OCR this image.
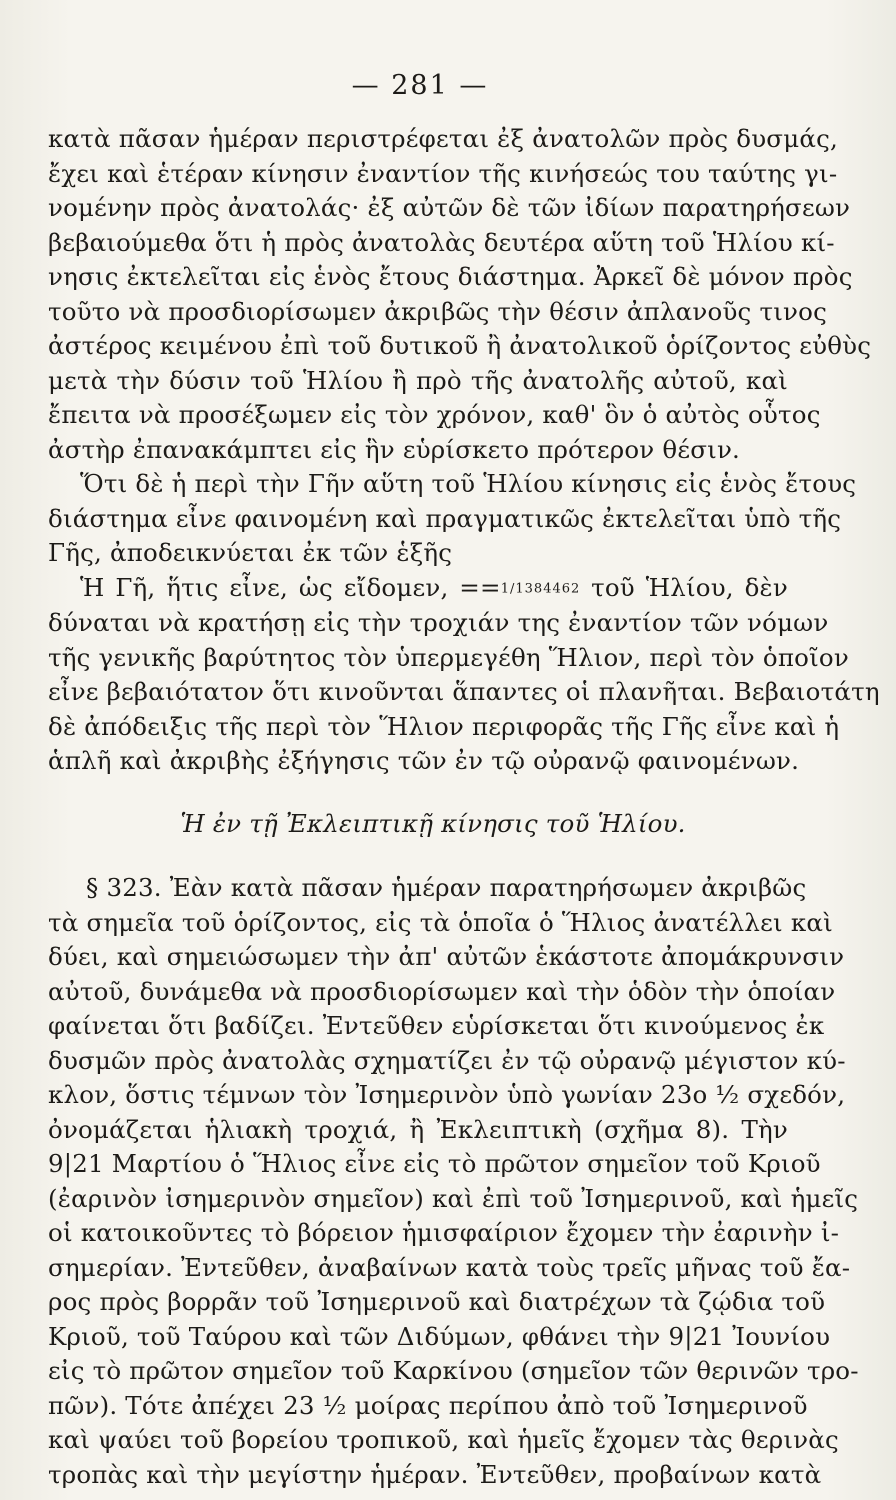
— 281 —
κατὰ πᾶσαν ἡμέραν περιστρέφεται ἐξ ἀνατολῶν πρὸς δυσμάς,
ἔχει καὶ ἑτέραν κίνησιν ἐναντίον τῆς κινήσεώς του ταύτης γι-
νομένην πρὸς ἀνατολάς· ἐξ αὐτῶν δὲ τῶν ἰδίων παρατηρήσεων
βεβαιούμεθα ὅτι ἡ πρὸς ἀνατολὰς δευτέρα αὕτη τοῦ Ἡλίου κί-
νησις ἐκτελεῖται εἰς ἑνὸς ἔτους διάστημα. Ἀρκεῖ δὲ μόνον πρὸς
τοῦτο νὰ προσδιορίσωμεν ἀκριβῶς τὴν θέσιν ἀπλανοῦς τινος
ἀστέρος κειμένου ἐπὶ τοῦ δυτικοῦ ἢ ἀνατολικοῦ ὁρίζοντος εὐθὺς
μετὰ τὴν δύσιν τοῦ Ἡλίου ἢ πρὸ τῆς ἀνατολῆς αὐτοῦ, καὶ
ἔπειτα νὰ προσέξωμεν εἰς τὸν χρόνον, καθ' ὃν ὁ αὐτὸς οὗτος
ἀστὴρ ἐπανακάμπτει εἰς ἣν εὑρίσκετο πρότερον θέσιν.
Ὅτι δὲ ἡ περὶ τὴν Γῆν αὕτη τοῦ Ἡλίου κίνησις εἰς ἑνὸς ἔτους
διάστημα εἶνε φαινομένη καὶ πραγματικῶς ἐκτελεῖται ὑπὸ τῆς
Γῆς, ἀποδεικνύεται ἐκ τῶν ἑξῆς
Ἡ Γῆ, ἥτις εἶνε, ὡς εἴδομεν, ==1/1384462 τοῦ Ἡλίου, δὲν
δύναται νὰ κρατήσῃ εἰς τὴν τροχιάν της ἐναντίον τῶν νόμων
τῆς γενικῆς βαρύτητος τὸν ὑπερμεγέθη Ἥλιον, περὶ τὸν ὁποῖον
εἶνε βεβαιότατον ὅτι κινοῦνται ἅπαντες οἱ πλανῆται. Βεβαιοτάτη
δὲ ἀπόδειξις τῆς περὶ τὸν Ἥλιον περιφορᾶς τῆς Γῆς εἶνε καὶ ἡ
ἁπλῆ καὶ ἀκριβὴς ἐξήγησις τῶν ἐν τῷ οὐρανῷ φαινομένων.
Ἡ ἐν τῇ Ἐκλειπτικῇ κίνησις τοῦ Ἡλίου.
§ 323. Ἐὰν κατὰ πᾶσαν ἡμέραν παρατηρήσωμεν ἀκριβῶς
τὰ σημεῖα τοῦ ὁρίζοντος, εἰς τὰ ὁποῖα ὁ Ἥλιος ἀνατέλλει καὶ
δύει, καὶ σημειώσωμεν τὴν ἀπ' αὐτῶν ἑκάστοτε ἀπομάκρυνσιν
αὐτοῦ, δυνάμεθα νὰ προσδιορίσωμεν καὶ τὴν ὁδὸν τὴν ὁποίαν
φαίνεται ὅτι βαδίζει. Ἐντεῦθεν εὑρίσκεται ὅτι κινούμενος ἐκ
δυσμῶν πρὸς ἀνατολὰς σχηματίζει ἐν τῷ οὐρανῷ μέγιστον κύ-
κλον, ὅστις τέμνων τὸν Ἰσημερινὸν ὑπὸ γωνίαν 23ο ½ σχεδόν,
ὀνομάζεται ἡλιακὴ τροχιά, ἢ Ἐκλειπτικὴ (σχῆμα 8). Τὴν
9|21 Μαρτίου ὁ Ἥλιος εἶνε εἰς τὸ πρῶτον σημεῖον τοῦ Κριοῦ
(ἐαρινὸν ἰσημερινὸν σημεῖον) καὶ ἐπὶ τοῦ Ἰσημερινοῦ, καὶ ἡμεῖς
οἱ κατοικοῦντες τὸ βόρειον ἡμισφαίριον ἔχομεν τὴν ἐαρινὴν ἰ-
σημερίαν. Ἐντεῦθεν, ἀναβαίνων κατὰ τοὺς τρεῖς μῆνας τοῦ ἔα-
ρος πρὸς βορρᾶν τοῦ Ἰσημερινοῦ καὶ διατρέχων τὰ ζῴδια τοῦ
Κριοῦ, τοῦ Ταύρου καὶ τῶν Διδύμων, φθάνει τὴν 9|21 Ἰουνίου
εἰς τὸ πρῶτον σημεῖον τοῦ Καρκίνου (σημεῖον τῶν θερινῶν τρο-
πῶν). Τότε ἀπέχει 23 ½ μοίρας περίπου ἀπὸ τοῦ Ἰσημερινοῦ
καὶ ψαύει τοῦ βορείου τροπικοῦ, καὶ ἡμεῖς ἔχομεν τὰς θερινὰς
τροπὰς καὶ τὴν μεγίστην ἡμέραν. Ἐντεῦθεν, προβαίνων κατὰ
